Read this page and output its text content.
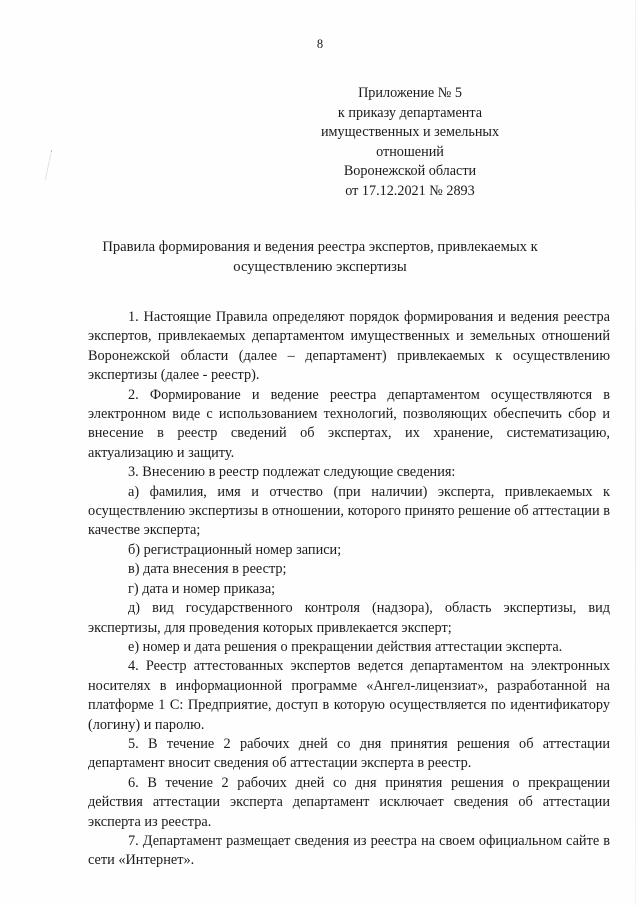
8
Приложение № 5
к приказу департамента
имущественных и земельных
отношений
Воронежской области
от 17.12.2021 № 2893
Правила формирования и ведения реестра экспертов, привлекаемых к осуществлению экспертизы

1. Настоящие Правила определяют порядок формирования и ведения реестра экспертов, привлекаемых департаментом имущественных и земельных отношений Воронежской области (далее – департамент) привлекаемых к осуществлению экспертизы (далее - реестр).

2. Формирование и ведение реестра департаментом осуществляются в электронном виде с использованием технологий, позволяющих обеспечить сбор и внесение в реестр сведений об экспертах, их хранение, систематизацию, актуализацию и защиту.

3. Внесению в реестр подлежат следующие сведения:

а) фамилия, имя и отчество (при наличии) эксперта, привлекаемых к осуществлению экспертизы в отношении, которого принято решение об аттестации в качестве эксперта;

б) регистрационный номер записи;

в) дата внесения в реестр;

г) дата и номер приказа;

д) вид государственного контроля (надзора), область экспертизы, вид экспертизы, для проведения которых привлекается эксперт;

е) номер и дата решения о прекращении действия аттестации эксперта.

4. Реестр аттестованных экспертов ведется департаментом на электронных носителях в информационной программе «Ангел-лицензиат», разработанной на платформе 1 С: Предприятие, доступ в которую осуществляется по идентификатору (логину) и паролю.

5. В течение 2 рабочих дней со дня принятия решения об аттестации департамент вносит сведения об аттестации эксперта в реестр.

6. В течение 2 рабочих дней со дня принятия решения о прекращении действия аттестации эксперта департамент исключает сведения об аттестации эксперта из реестра.

7. Департамент размещает сведения из реестра на своем официальном сайте в сети «Интернет».
